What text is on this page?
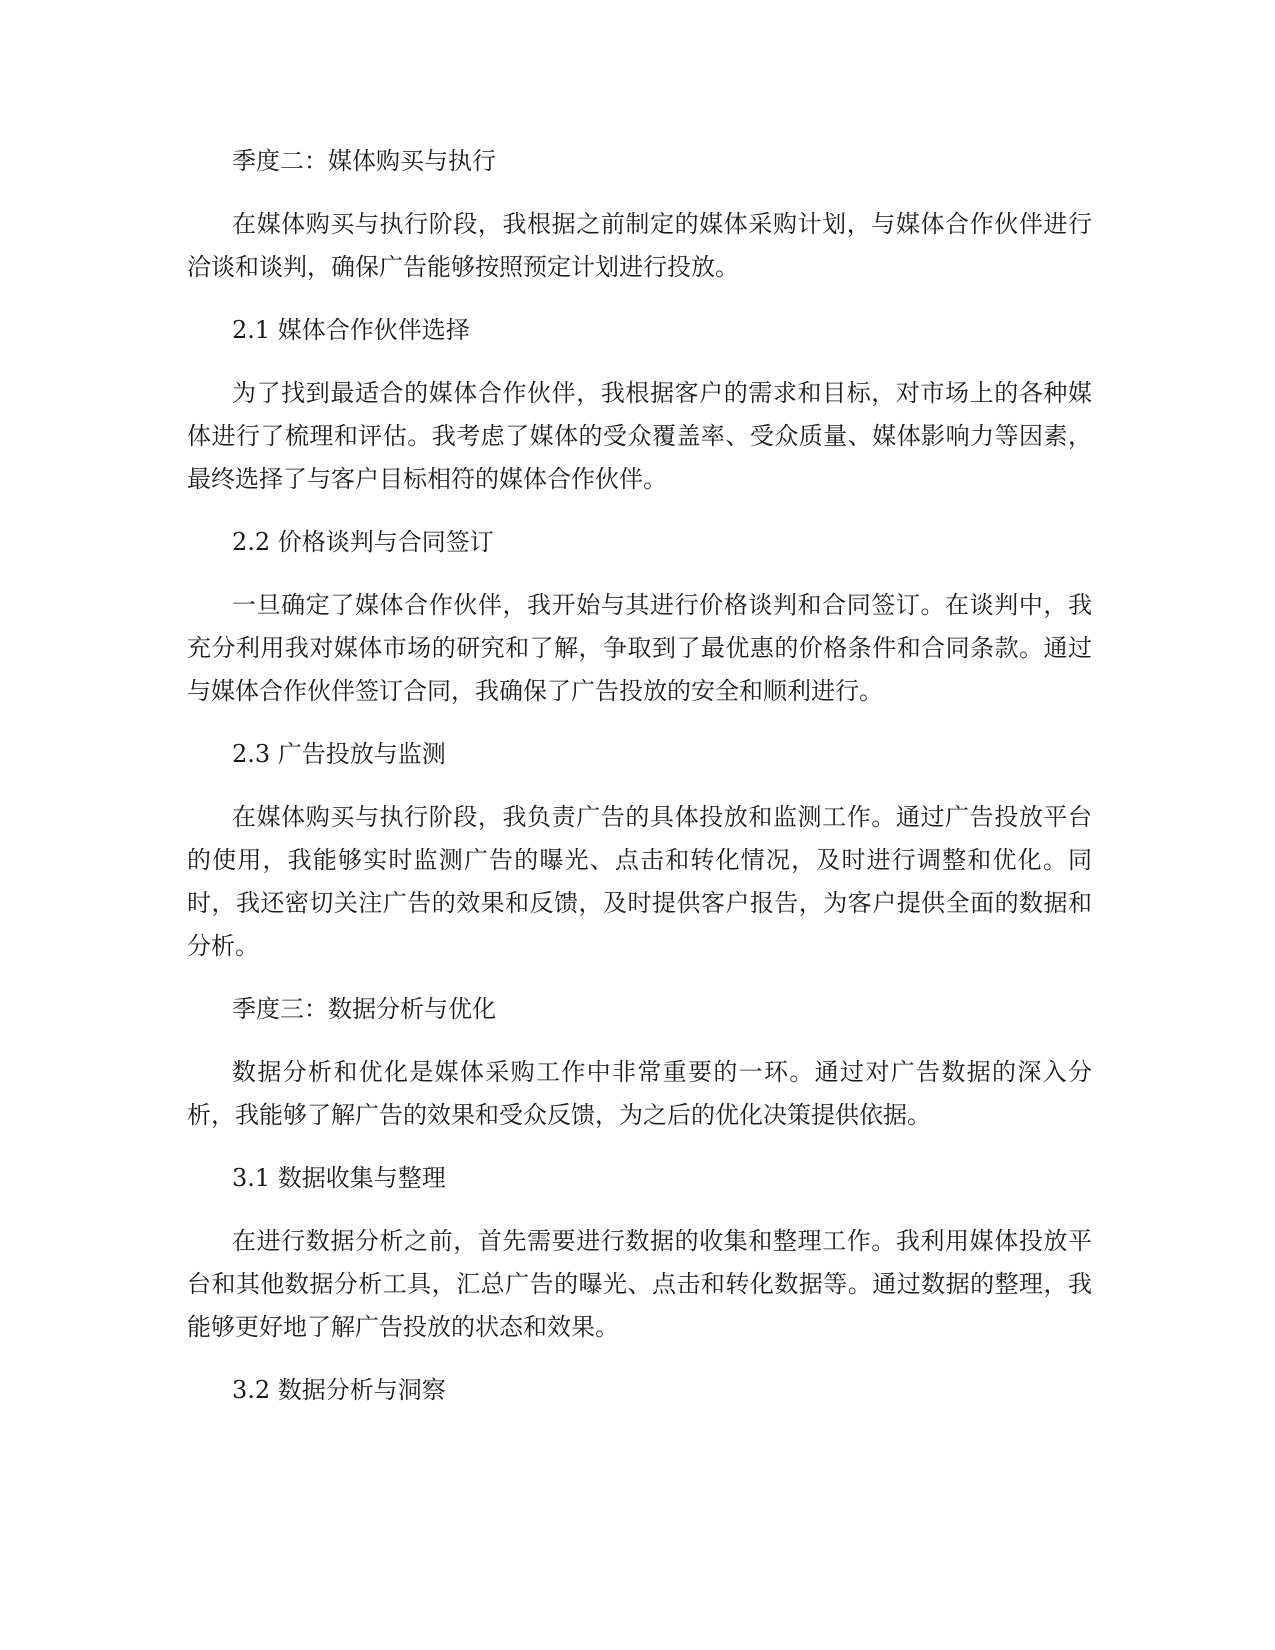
季度二：媒体购买与执行

在媒体购买与执行阶段，我根据之前制定的媒体采购计划，与媒体合作伙伴进行洽谈和谈判，确保广告能够按照预定计划进行投放。

2.1 媒体合作伙伴选择

为了找到最适合的媒体合作伙伴，我根据客户的需求和目标，对市场上的各种媒体进行了梳理和评估。我考虑了媒体的受众覆盖率、受众质量、媒体影响力等因素，最终选择了与客户目标相符的媒体合作伙伴。

2.2 价格谈判与合同签订

一旦确定了媒体合作伙伴，我开始与其进行价格谈判和合同签订。在谈判中，我充分利用我对媒体市场的研究和了解，争取到了最优惠的价格条件和合同条款。通过与媒体合作伙伴签订合同，我确保了广告投放的安全和顺利进行。

2.3 广告投放与监测

在媒体购买与执行阶段，我负责广告的具体投放和监测工作。通过广告投放平台的使用，我能够实时监测广告的曝光、点击和转化情况，及时进行调整和优化。同时，我还密切关注广告的效果和反馈，及时提供客户报告，为客户提供全面的数据和分析。

季度三：数据分析与优化

数据分析和优化是媒体采购工作中非常重要的一环。通过对广告数据的深入分析，我能够了解广告的效果和受众反馈，为之后的优化决策提供依据。

3.1 数据收集与整理

在进行数据分析之前，首先需要进行数据的收集和整理工作。我利用媒体投放平台和其他数据分析工具，汇总广告的曝光、点击和转化数据等。通过数据的整理，我能够更好地了解广告投放的状态和效果。

3.2 数据分析与洞察
